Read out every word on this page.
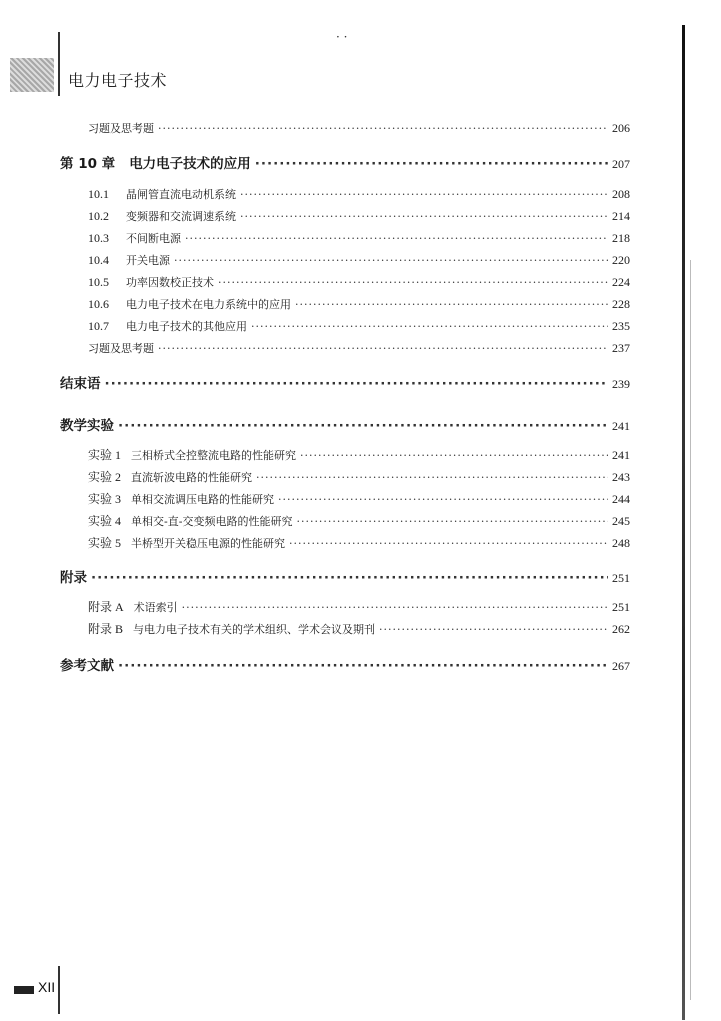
· ·
电力电子技术
习题及思考题 ·····	206
第 10 章 电力电子技术的应用 ·····	207
10.1	晶闸管直流电动机系统 ·····	208
10.2	变频器和交流调速系统 ·····	214
10.3	不间断电源 ·····	218
10.4	开关电源 ·····	220
10.5	功率因数校正技术 ·····	224
10.6	电力电子技术在电力系统中的应用 ·····	228
10.7	电力电子技术的其他应用 ·····	235
习题及思考题 ·····	237
结束语 ·····	239
教学实验 ·····	241
实验 1 三相桥式全控整流电路的性能研究 ·····	241
实验 2 直流斩波电路的性能研究 ·····	243
实验 3 单相交流调压电路的性能研究 ·····	244
实验 4 单相交-直-交变频电路的性能研究 ·····	245
实验 5 半桥型开关稳压电源的性能研究 ·····	248
附录 ·····	251
附录 A 术语索引 ·····	251
附录 B 与电力电子技术有关的学术组织、学术会议及期刊 ·····	262
参考文献 ·····	267
XII
